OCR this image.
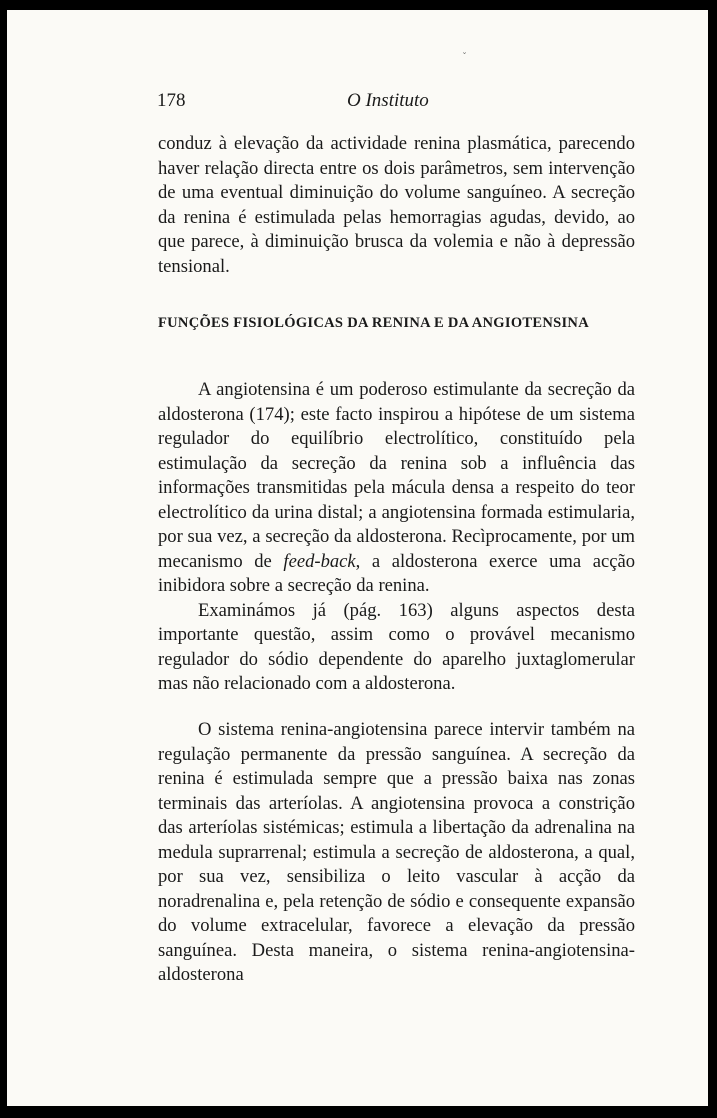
ˇ
178	O Instituto

conduz à elevação da actividade renina plasmática, parecendo haver relação directa entre os dois parâmetros, sem intervenção de uma eventual diminuição do volume sanguíneo. A secreção da renina é estimulada pelas hemorragias agudas, devido, ao que parece, à diminuição brusca da volemia e não à depressão tensional.

FUNÇÕES FISIOLÓGICAS DA RENINA E DA ANGIOTENSINA

A angiotensina é um poderoso estimulante da secreção da aldosterona (174); este facto inspirou a hipótese de um sistema regulador do equilíbrio electrolítico, constituído pela estimulação da secreção da renina sob a influência das informações transmitidas pela mácula densa a respeito do teor electrolítico da urina distal; a angiotensina formada estimularia, por sua vez, a secreção da aldosterona. Recìprocamente, por um mecanismo de feed-back, a aldosterona exerce uma acção inibidora sobre a secreção da renina.

Examinámos já (pág. 163) alguns aspectos desta importante questão, assim como o provável mecanismo regulador do sódio dependente do aparelho juxtaglomerular mas não relacionado com a aldosterona.

O sistema renina-angiotensina parece intervir também na regulação permanente da pressão sanguínea. A secreção da renina é estimulada sempre que a pressão baixa nas zonas terminais das arteríolas. A angiotensina provoca a constrição das arteríolas sistémicas; estimula a libertação da adrenalina na medula suprarrenal; estimula a secreção de aldosterona, a qual, por sua vez, sensibiliza o leito vascular à acção da noradrenalina e, pela retenção de sódio e consequente expansão do volume extracelular, favorece a elevação da pressão sanguínea. Desta maneira, o sistema renina-angiotensina-aldosterona
